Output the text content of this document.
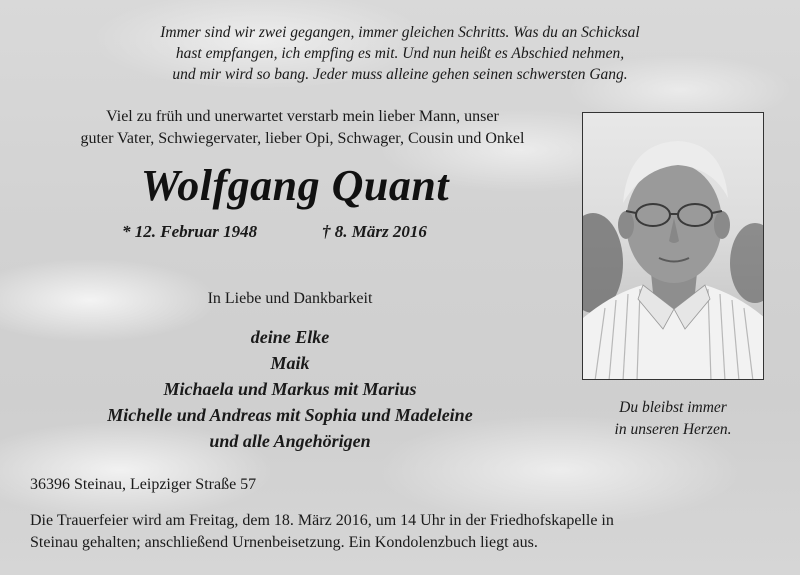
Immer sind wir zwei gegangen, immer gleichen Schritts. Was du an Schicksal
hast empfangen, ich empfing es mit. Und nun heißt es Abschied nehmen,
und mir wird so bang. Jeder muss alleine gehen seinen schwersten Gang.
Viel zu früh und unerwartet verstarb mein lieber Mann, unser
guter Vater, Schwiegervater, lieber Opi, Schwager, Cousin und Onkel
Wolfgang Quant
* 12. Februar 1948	† 8. März 2016
In Liebe und Dankbarkeit
deine Elke
Maik
Michaela und Markus mit Marius
Michelle und Andreas mit Sophia und Madeleine
und alle Angehörigen
Du bleibst immer
in unseren Herzen.
36396 Steinau, Leipziger Straße 57
Die Trauerfeier wird am Freitag, dem 18. März 2016, um 14 Uhr in der Friedhofskapelle in
Steinau gehalten; anschließend Urnenbeisetzung. Ein Kondolenzbuch liegt aus.
